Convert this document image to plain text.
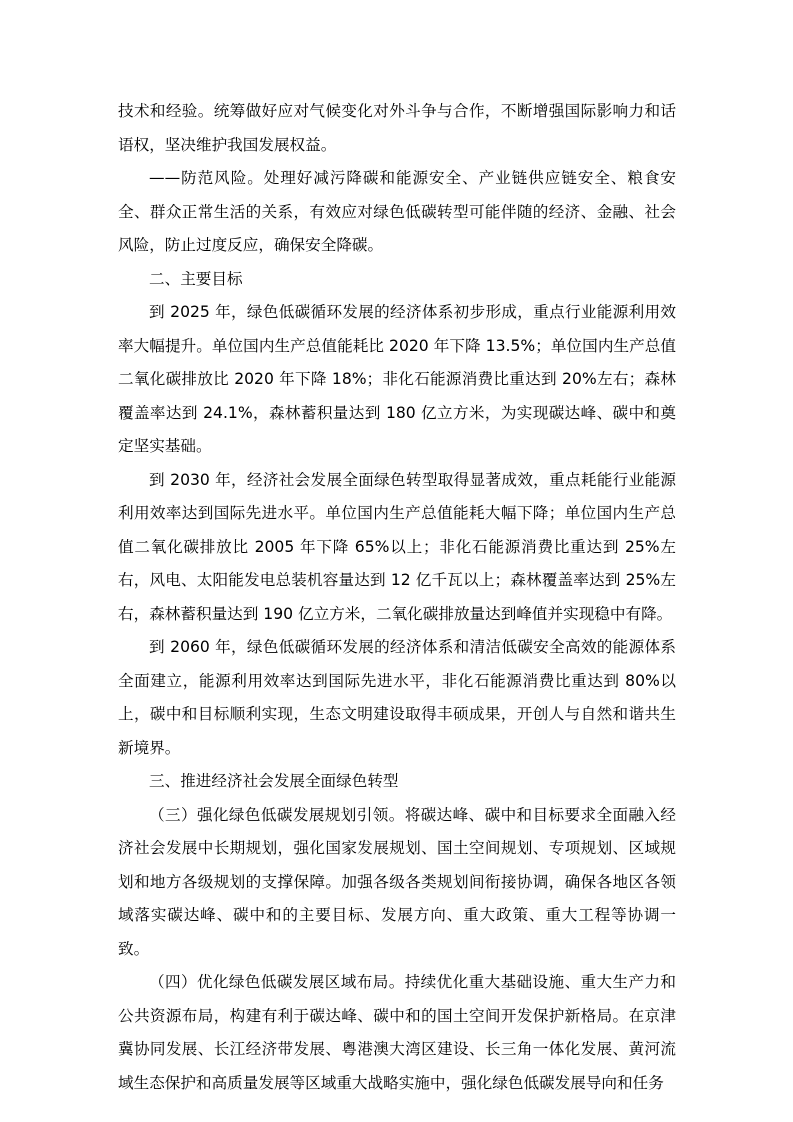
技术和经验。统筹做好应对气候变化对外斗争与合作，不断增强国际影响力和话语权，坚决维护我国发展权益。

——防范风险。处理好减污降碳和能源安全、产业链供应链安全、粮食安全、群众正常生活的关系，有效应对绿色低碳转型可能伴随的经济、金融、社会风险，防止过度反应，确保安全降碳。

二、主要目标

到 2025 年，绿色低碳循环发展的经济体系初步形成，重点行业能源利用效率大幅提升。单位国内生产总值能耗比 2020 年下降 13.5%；单位国内生产总值二氧化碳排放比 2020 年下降 18%；非化石能源消费比重达到 20%左右；森林覆盖率达到 24.1%，森林蓄积量达到 180 亿立方米，为实现碳达峰、碳中和奠定坚实基础。

到 2030 年，经济社会发展全面绿色转型取得显著成效，重点耗能行业能源利用效率达到国际先进水平。单位国内生产总值能耗大幅下降；单位国内生产总值二氧化碳排放比 2005 年下降 65%以上；非化石能源消费比重达到 25%左右，风电、太阳能发电总装机容量达到 12 亿千瓦以上；森林覆盖率达到 25%左右，森林蓄积量达到 190 亿立方米，二氧化碳排放量达到峰值并实现稳中有降。

到 2060 年，绿色低碳循环发展的经济体系和清洁低碳安全高效的能源体系全面建立，能源利用效率达到国际先进水平，非化石能源消费比重达到 80%以上，碳中和目标顺利实现，生态文明建设取得丰硕成果，开创人与自然和谐共生新境界。

三、推进经济社会发展全面绿色转型

（三）强化绿色低碳发展规划引领。将碳达峰、碳中和目标要求全面融入经济社会发展中长期规划，强化国家发展规划、国土空间规划、专项规划、区域规划和地方各级规划的支撑保障。加强各级各类规划间衔接协调，确保各地区各领域落实碳达峰、碳中和的主要目标、发展方向、重大政策、重大工程等协调一致。

（四）优化绿色低碳发展区域布局。持续优化重大基础设施、重大生产力和公共资源布局，构建有利于碳达峰、碳中和的国土空间开发保护新格局。在京津冀协同发展、长江经济带发展、粤港澳大湾区建设、长三角一体化发展、黄河流域生态保护和高质量发展等区域重大战略实施中，强化绿色低碳发展导向和任务
